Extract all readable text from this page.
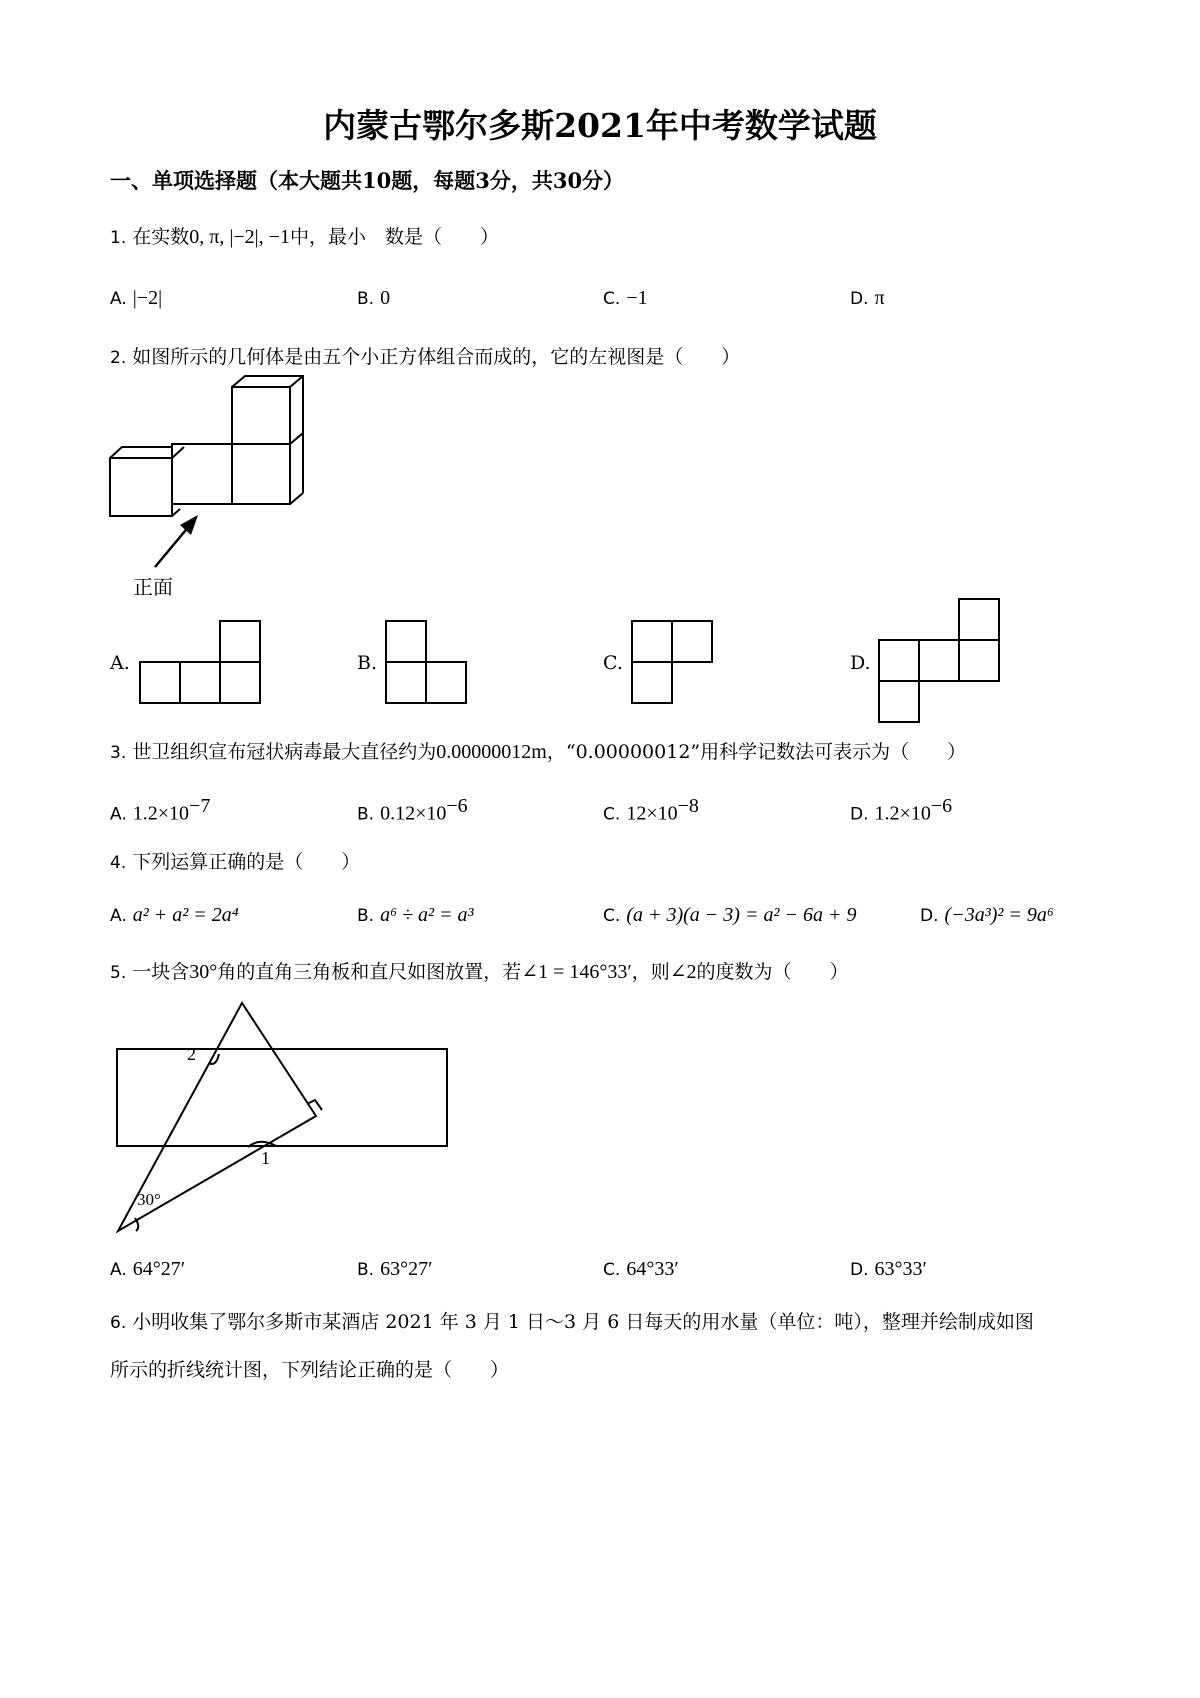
内蒙古鄂尔多斯2021年中考数学试题
一、单项选择题（本大题共10题，每题3分，共30分）
1. 在实数0, π, |−2|, −1中，最小　数是（　　）
A. |−2|	B. 0	C. −1	D. π
2. 如图所示的几何体是由五个小正方体组合而成的，它的左视图是（　　）
正面
A.	B.	C.	D.
3. 世卫组织宣布冠状病毒最大直径约为0.00000012m，“0.00000012”用科学记数法可表示为（　　）
A. $1.2\times 10^{-7}$	B. $0.12\times 10^{-6}$	C. $12\times 10^{-8}$	D. $1.2\times 10^{-6}$
4. 下列运算正确的是（　　）
A. a² + a² = 2a⁴	B. a⁶ ÷ a² = a³	C. (a + 3)(a − 3) = a² − 6a + 9	D. (−3a³)² = 9a⁶
5. 一块含30°角的直角三角板和直尺如图放置，若∠1 = 146°33′，则∠2的度数为（　　）
2
1
30°
A. 64°27′	B. 63°27′	C. 64°33′	D. 63°33′
6. 小明收集了鄂尔多斯市某酒店 2021 年 3 月 1 日～3 月 6 日每天的用水量（单位：吨），整理并绘制成如图
所示的折线统计图，下列结论正确的是（　　）
